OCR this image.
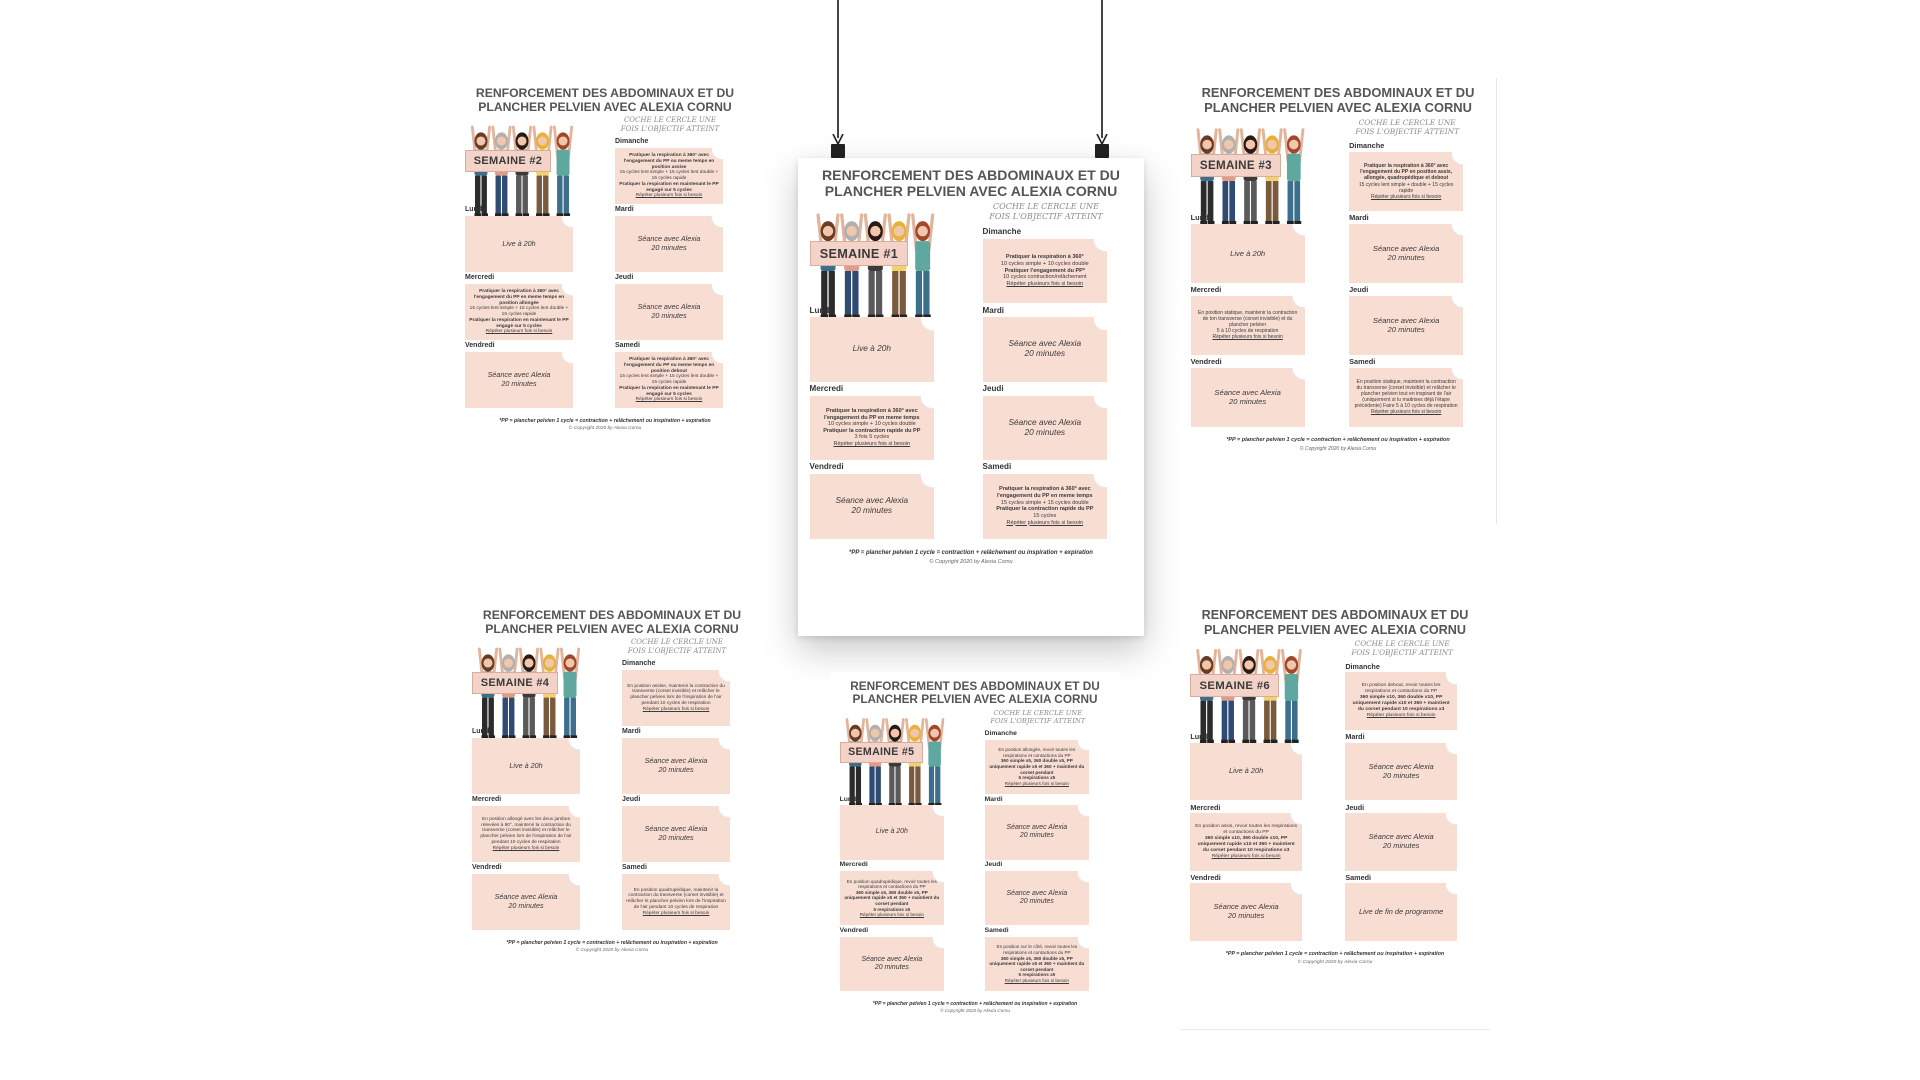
RENFORCEMENT DES ABDOMINAUX ET DU PLANCHER PELVIEN AVEC ALEXIA CORNU
SEMAINE #2
COCHE LE CERCLE UNE FOIS L'OBJECTIF ATTEINT
Dimanche
Pratiquer la respiration à 360° avec l'engagement du PP ou meme temps en position assise
15 cycles lent simple + 15 cycles lent double + 15 cycles rapide
Pratiquer la respiration en maintenant le PP engagé sur 5 cycles
Répéter plusieurs fois si besoin
Lundi
Live à 20h
Mardi
Séance avec Alexia
20 minutes
Mercredi
Pratiquer la respiration à 360° avec l'engagement du PP en meme temps en position allongée
15 cycles lent simple + 15 cycles lent double + 15 cycles rapide
Pratiquer la respiration en maintenant le PP engagé sur 5 cycles
Répéter plusieurs fois si besoin
Jeudi
Séance avec Alexia
20 minutes
Vendredi
Séance avec Alexia
20 minutes
Samedi
Pratiquer la respiration à 360° avec l'engagement du PP ou meme temps en position debout
15 cycles lent simple + 15 cycles lent double + 15 cycles rapide
Pratiquer la respiration en maintenant le PP engagé sur 5 cycles
Répéter plusieurs fois si besoin
*PP = plancher pelvien 1 cycle = contraction + relâchement ou inspiration + expiration
© Copyright 2020 by Alexia Cornu
RENFORCEMENT DES ABDOMINAUX ET DU PLANCHER PELVIEN AVEC ALEXIA CORNU
SEMAINE #1
COCHE LE CERCLE UNE FOIS L'OBJECTIF ATTEINT
Dimanche
Pratiquer la respiration à 360°
10 cycles simple + 10 cycles double
Pratiquer l'engagement du PP*
10 cycles contraction/relâchement
Répéter plusieurs fois si besoin
Lundi
Live à 20h
Mardi
Séance avec Alexia
20 minutes
Mercredi
Pratiquer la respiration à 360° avec l'engagement du PP en meme temps
10 cycles simple + 10 cycles double
Pratiquer la contraction rapide du PP
3 fois 5 cycles
Répéter plusieurs fois si besoin
Jeudi
Séance avec Alexia
20 minutes
Vendredi
Séance avec Alexia
20 minutes
Samedi
Pratiquer la respiration à 360° avec l'engagement du PP en meme temps
15 cycles simple + 15 cycles double
Pratiquer la contraction rapide du PP
15 cycles
Répéter plusieurs fois si besoin
*PP = plancher pelvien 1 cycle = contraction + relâchement ou inspiration + expiration
© Copyright 2020 by Alexia Cornu
RENFORCEMENT DES ABDOMINAUX ET DU PLANCHER PELVIEN AVEC ALEXIA CORNU
SEMAINE #3
COCHE LE CERCLE UNE FOIS L'OBJECTIF ATTEINT
Dimanche
Pratiquer la respiration à 360° avec l'engagement du PP en position assis, allongée, quadrupédique et debout
15 cycles lent simple + double + 15 cycles rapide
Répéter plusieurs fois si besoin
Lundi
Live à 20h
Mardi
Séance avec Alexia
20 minutes
Mercredi
En position statique, maintenir la contraction de ton transverse (corset invisible) et du plancher pelvien
5 à 10 cycles de respiration
Répéter plusieurs fois si besoin
Jeudi
Séance avec Alexia
20 minutes
Vendredi
Séance avec Alexia
20 minutes
Samedi
En position statique, maintenir la contraction du transverse (corset invisible) et relâcher le plancher pelvien tout en inspirant de l'air
(uniquement si tu maitrises déjà l'étape précédente) Faire 5 à 10 cycles de respiration
Répéter plusieurs fois si besoin
*PP = plancher pelvien 1 cycle = contraction + relâchement ou inspiration + expiration
© Copyright 2020 by Alexia Cornu
RENFORCEMENT DES ABDOMINAUX ET DU PLANCHER PELVIEN AVEC ALEXIA CORNU
SEMAINE #4
COCHE LE CERCLE UNE FOIS L'OBJECTIF ATTEINT
Dimanche
En position assise, maintenir la contraction du transverse (corset invisible) et relâcher le plancher pelvien lors de l'inspiration de l'air
pendant 10 cycles de respiration
Répéter plusieurs fois si besoin
Lundi
Live à 20h
Mardi
Séance avec Alexia
20 minutes
Mercredi
En position allongé avec les deux jambes relevées à 90°, maintenir la contraction du transverse (corset invisible) et relâcher le plancher pelvien lors de l'inspiration de l'air
pendant 10 cycles de respiration
Répéter plusieurs fois si besoin
Jeudi
Séance avec Alexia
20 minutes
Vendredi
Séance avec Alexia
20 minutes
Samedi
En position quadrupédique, maintenir la contraction du transverse (corset invisible) et relâcher le plancher pelvien lors de l'inspiration de l'air pendant 10 cycles de respiration
Répéter plusieurs fois si besoin
*PP = plancher pelvien 1 cycle = contraction + relâchement ou inspiration + expiration
© Copyright 2020 by Alexia Cornu
RENFORCEMENT DES ABDOMINAUX ET DU PLANCHER PELVIEN AVEC ALEXIA CORNU
SEMAINE #5
COCHE LE CERCLE UNE FOIS L'OBJECTIF ATTEINT
Dimanche
En position allongée, revoir toutes les respirations et contactions du PP
360 simple x5, 360 double x5, PP uniquement rapide x5 et 360 + maintient du corset pendant
5 respirations x5
Répéter plusieurs fois si besoin
Lundi
Live à 20h
Mardi
Séance avec Alexia
20 minutes
Mercredi
En position quadrupédique, revoir toutes les respirations et contactions du PP
360 simple x5, 360 double x5, PP uniquement rapide x5 et 360 + maintient du corset pendant
5 respirations x5
Répéter plusieurs fois si besoin
Jeudi
Séance avec Alexia
20 minutes
Vendredi
Séance avec Alexia
20 minutes
Samedi
En position sur le côté, revoir toutes les respirations et contactions du PP
360 simple x5, 360 double x5, PP uniquement rapide x5 et 360 + maintient du corset pendant
5 respirations x5
Répéter plusieurs fois si besoin
*PP = plancher pelvien 1 cycle = contraction + relâchement ou inspiration + expiration
© Copyright 2020 by Alexia Cornu
RENFORCEMENT DES ABDOMINAUX ET DU PLANCHER PELVIEN AVEC ALEXIA CORNU
SEMAINE #6
COCHE LE CERCLE UNE FOIS L'OBJECTIF ATTEINT
Dimanche
En position debout, revoir toutes les respirations et contactions du PP
360 simple x10, 360 double x10, PP uniquement rapide x10 et 360 + maintient du corset pendant 10 respirations x3
Répéter plusieurs fois si besoin
Lundi
Live à 20h
Mardi
Séance avec Alexia
20 minutes
Mercredi
En position assis, revoir toutes les respirations et contactions du PP
360 simple x10, 360 double x10, PP uniquement rapide x10 et 360 + maintient du corset pendant 10 respirations x3
Répéter plusieurs fois si besoin
Jeudi
Séance avec Alexia
20 minutes
Vendredi
Séance avec Alexia
20 minutes
Samedi
Live de fin de programme
*PP = plancher pelvien 1 cycle = contraction + relâchement ou inspiration + expiration
© Copyright 2020 by Alexia Cornu
